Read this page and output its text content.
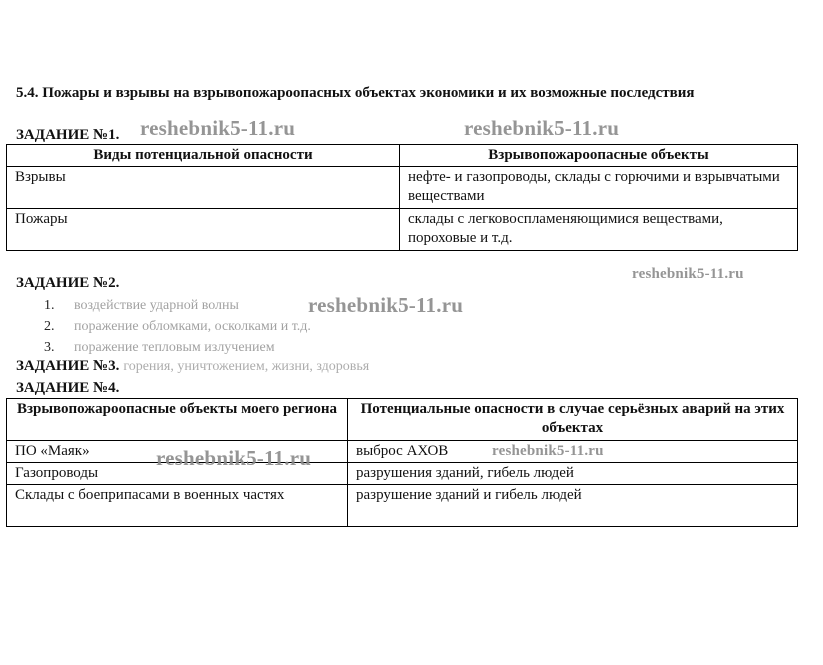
5.4. Пожары и взрывы на взрывопожароопасных объектах экономики и их возможные последствия
ЗАДАНИЕ №1.
Виды потенциальной опасности	Взрывопожароопасные объекты
Взрывы	нефте- и газопроводы, склады с горючими и взрывчатыми веществами
Пожары	склады с легковоспламеняющимися веществами, пороховые и т.д.
ЗАДАНИЕ №2.
1. воздействие ударной волны
2. поражение обломками, осколками и т.д.
3. поражение тепловым излучением
ЗАДАНИЕ №3. горения, уничтожением, жизни, здоровья
ЗАДАНИЕ №4.
Взрывопожароопасные объекты моего региона	Потенциальные опасности в случае серьёзных аварий на этих объектах
ПО «Маяк»	выброс АХОВ
Газопроводы	разрушения зданий, гибель людей
Склады с боеприпасами в военных частях	разрушение зданий и гибель людей
reshebnik5-11.ru	reshebnik5-11.ru
reshebnik5-11.ru
reshebnik5-11.ru
reshebnik5-11.ru	reshebnik5-11.ru
